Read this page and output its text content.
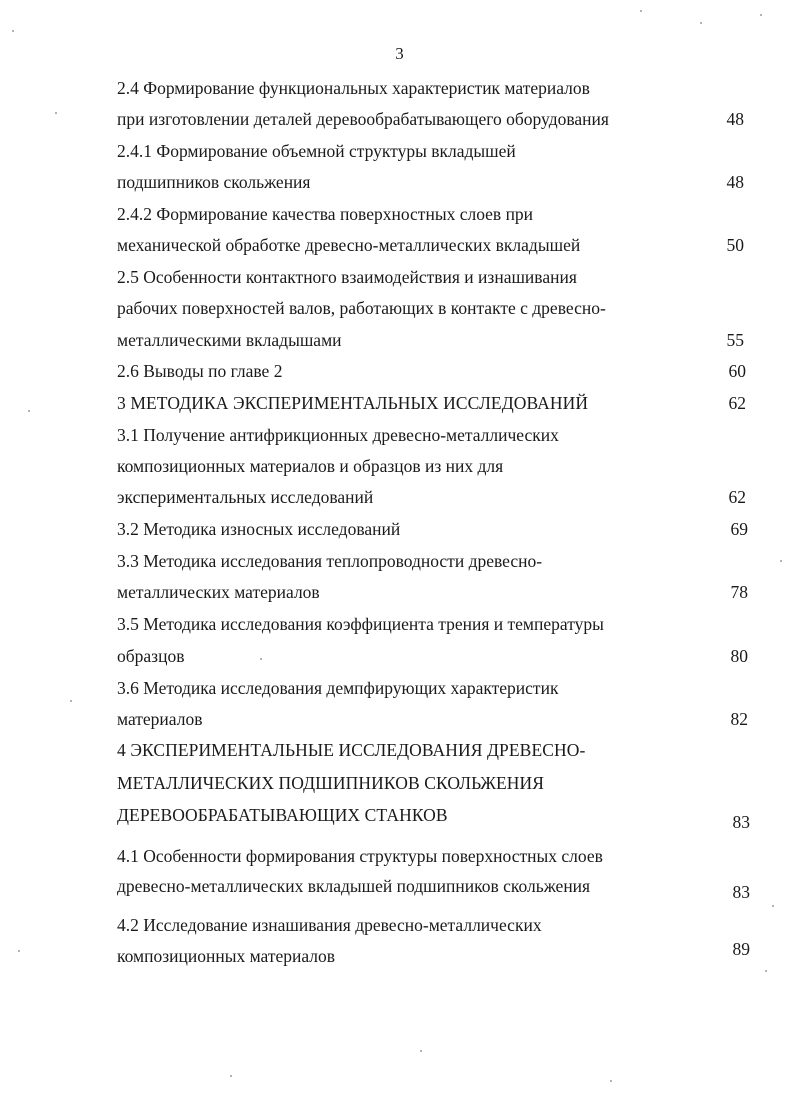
3
2.4 Формирование функциональных характеристик материалов
при изготовлении деталей деревообрабатывающего оборудования	48
2.4.1 Формирование объемной структуры вкладышей
подшипников скольжения	48
2.4.2 Формирование качества поверхностных слоев при
механической обработке древесно-металлических вкладышей	50
2.5 Особенности контактного взаимодействия и изнашивания
рабочих поверхностей валов, работающих в контакте с древесно-
металлическими вкладышами	55
2.6 Выводы по главе 2	60
3 МЕТОДИКА ЭКСПЕРИМЕНТАЛЬНЫХ ИССЛЕДОВАНИЙ	62
3.1 Получение антифрикционных древесно-металлических
композиционных материалов и образцов из них для
экспериментальных исследований	62
3.2 Методика износных исследований	69
3.3 Методика исследования теплопроводности древесно-
металлических материалов	78
3.5 Методика исследования коэффициента трения и температуры
образцов	80
3.6 Методика исследования демпфирующих характеристик
материалов	82
4 ЭКСПЕРИМЕНТАЛЬНЫЕ ИССЛЕДОВАНИЯ ДРЕВЕСНО-
МЕТАЛЛИЧЕСКИХ ПОДШИПНИКОВ СКОЛЬЖЕНИЯ
ДЕРЕВООБРАБАТЫВАЮЩИХ СТАНКОВ	83
4.1 Особенности формирования структуры поверхностных слоев
древесно-металлических вкладышей подшипников скольжения	83
4.2 Исследование изнашивания древесно-металлических
композиционных материалов	89
